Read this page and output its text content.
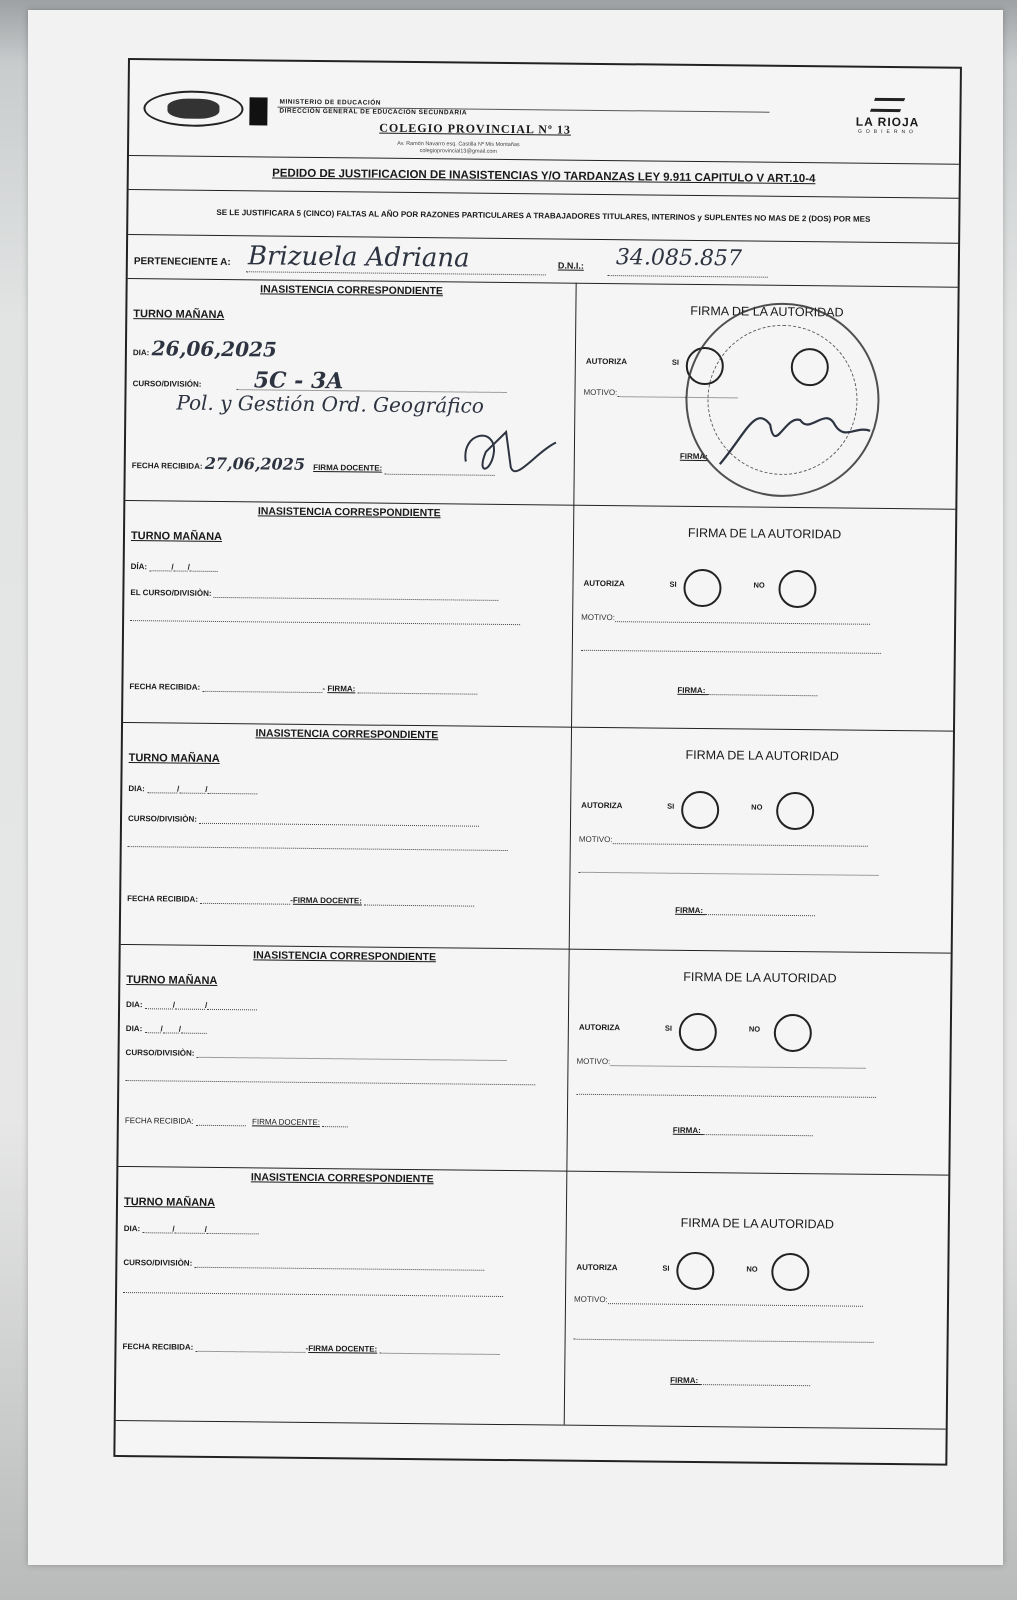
MINISTERIO DE EDUCACIÓN
DIRECCIÓN GENERAL DE EDUCACIÓN SECUNDARIA
COLEGIO PROVINCIAL Nº 13
Av. Ramón Navarro esq. Castilla Nº Mis Montañas
colegioprovincial13@gmail.com
LA RIOJA
GOBIERNO
PEDIDO DE JUSTIFICACION DE INASISTENCIAS Y/O TARDANZAS LEY 9.911 CAPITULO V ART.10-4
SE LE JUSTIFICARA 5 (CINCO) FALTAS AL AÑO POR RAZONES PARTICULARES A TRABAJADORES TITULARES, INTERINOS y SUPLENTES NO MAS DE 2 (DOS) POR MES
PERTENECIENTE A: Brizuela Adriana	D.N.I.: 34.085.857
INASISTENCIA CORRESPONDIENTE
TURNO MAÑANA
DIA: 26,06,2025
CURSO/DIVISIÓN: 5C - 3A
Pol. y Gestión Ord. Geográfico
FECHA RECIBIDA: 27,06,2025 FIRMA DOCENTE:
FIRMA DE LA AUTORIDAD
AUTORIZA	SI
MOTIVO:
FIRMA:
INASISTENCIA CORRESPONDIENTE
TURNO MAÑANA
DÍA:	/ /
EL CURSO/DIVISIÒN:
FECHA RECIBIDA:	- FIRMA:
FIRMA DE LA AUTORIDAD
AUTORIZA	SI	NO
MOTIVO:
FIRMA:
INASISTENCIA CORRESPONDIENTE
TURNO MAÑANA
DIA:	/	/
CURSO/DIVISIÒN:
FECHA RECIBIDA:	-FIRMA DOCENTE:
FIRMA DE LA AUTORIDAD
AUTORIZA	SI	NO
MOTIVO:
FIRMA:
INASISTENCIA CORRESPONDIENTE
TURNO MAÑANA
DIA:	/	/
DIA: / /
CURSO/DIVISIÒN:
FECHA RECIBIDA:	FIRMA DOCENTE:
FIRMA DE LA AUTORIDAD
AUTORIZA	SI	NO
MOTIVO:
FIRMA:
INASISTENCIA CORRESPONDIENTE
TURNO MAÑANA
DIA:	/	/
CURSO/DIVISIÒN:
FECHA RECIBIDA:	-FIRMA DOCENTE:
FIRMA DE LA AUTORIDAD
AUTORIZA	SI	NO
MOTIVO:
FIRMA:
